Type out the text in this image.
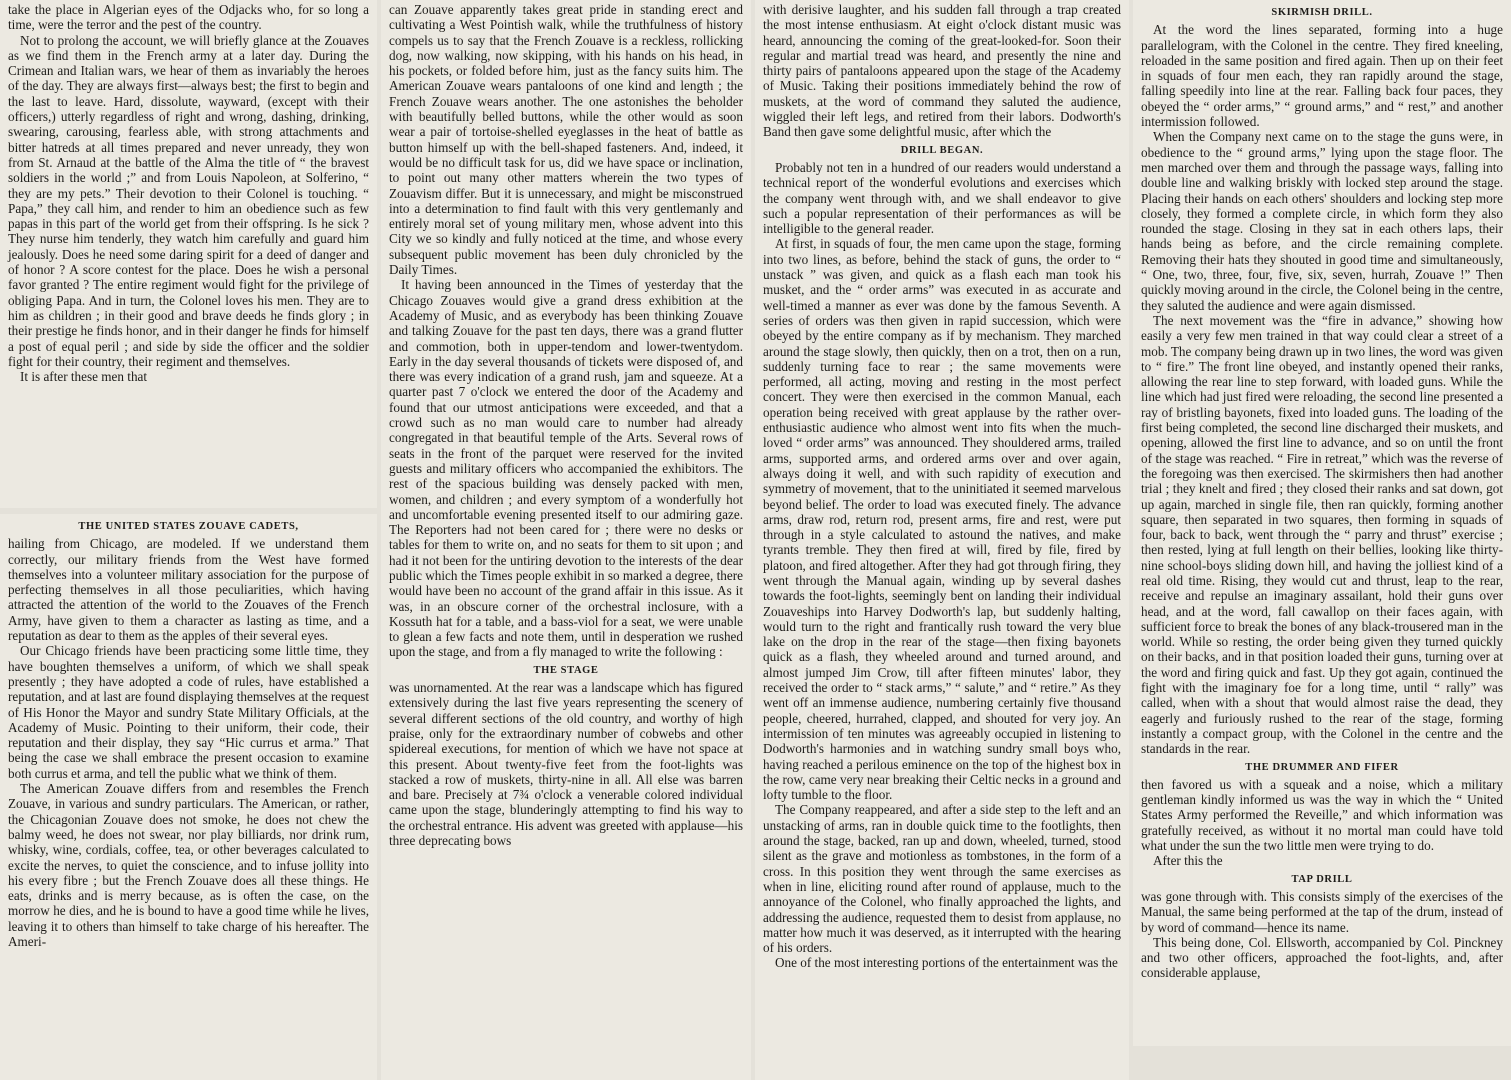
take the place in Algerian eyes of the Odjacks who, for so long a time, were the terror and the pest of the country.

Not to prolong the account, we will briefly glance at the Zouaves as we find them in the French army at a later day. During the Crimean and Italian wars, we hear of them as invariably the heroes of the day. They are always first—always best; the first to begin and the last to leave. Hard, dissolute, wayward, (except with their officers,) utterly regardless of right and wrong, dashing, drinking, swearing, carousing, fearless able, with strong attachments and bitter hatreds at all times prepared and never unready, they won from St. Arnaud at the battle of the Alma the title of “ the bravest soldiers in the world ;” and from Louis Napoleon, at Solferino, “ they are my pets.” Their devotion to their Colonel is touching. “ Papa,” they call him, and render to him an obedience such as few papas in this part of the world get from their offspring. Is he sick ? They nurse him tenderly, they watch him carefully and guard him jealously. Does he need some daring spirit for a deed of danger and of honor ? A score contest for the place. Does he wish a personal favor granted ? The entire regiment would fight for the privilege of obliging Papa. And in turn, the Colonel loves his men. They are to him as children ; in their good and brave deeds he finds glory ; in their prestige he finds honor, and in their danger he finds for himself a post of equal peril ; and side by side the officer and the soldier fight for their country, their regiment and themselves.

It is after these men that

THE UNITED STATES ZOUAVE CADETS,

hailing from Chicago, are modeled. If we understand them correctly, our military friends from the West have formed themselves into a volunteer military association for the purpose of perfecting themselves in all those peculiarities, which having attracted the attention of the world to the Zouaves of the French Army, have given to them a character as lasting as time, and a reputation as dear to them as the apples of their several eyes.

Our Chicago friends have been practicing some little time, they have boughten themselves a uniform, of which we shall speak presently ; they have adopted a code of rules, have established a reputation, and at last are found displaying themselves at the request of His Honor the Mayor and sundry State Military Officials, at the Academy of Music. Pointing to their uniform, their code, their reputation and their display, they say “Hic currus et arma.” That being the case we shall embrace the present occasion to examine both currus et arma, and tell the public what we think of them.

The American Zouave differs from and resembles the French Zouave, in various and sundry particulars. The American, or rather, the Chicagonian Zouave does not smoke, he does not chew the balmy weed, he does not swear, nor play billiards, nor drink rum, whisky, wine, cordials, coffee, tea, or other beverages calculated to excite the nerves, to quiet the conscience, and to infuse jollity into his every fibre ; but the French Zouave does all these things. He eats, drinks and is merry because, as is often the case, on the morrow he dies, and he is bound to have a good time while he lives, leaving it to others than himself to take charge of his hereafter. The Ameri-

can Zouave apparently takes great pride in standing erect and cultivating a West Pointish walk, while the truthfulness of history compels us to say that the French Zouave is a reckless, rollicking dog, now walking, now skipping, with his hands on his head, in his pockets, or folded before him, just as the fancy suits him. The American Zouave wears pantaloons of one kind and length ; the French Zouave wears another. The one astonishes the beholder with beautifully belled buttons, while the other would as soon wear a pair of tortoise-shelled eyeglasses in the heat of battle as button himself up with the bell-shaped fasteners. And, indeed, it would be no difficult task for us, did we have space or inclination, to point out many other matters wherein the two types of Zouavism differ. But it is unnecessary, and might be misconstrued into a determination to find fault with this very gentlemanly and entirely moral set of young military men, whose advent into this City we so kindly and fully noticed at the time, and whose every subsequent public movement has been duly chronicled by the Daily Times.

It having been announced in the Times of yesterday that the Chicago Zouaves would give a grand dress exhibition at the Academy of Music, and as everybody has been thinking Zouave and talking Zouave for the past ten days, there was a grand flutter and commotion, both in upper-tendom and lower-twentydom. Early in the day several thousands of tickets were disposed of, and there was every indication of a grand rush, jam and squeeze. At a quarter past 7 o'clock we entered the door of the Academy and found that our utmost anticipations were exceeded, and that a crowd such as no man would care to number had already congregated in that beautiful temple of the Arts. Several rows of seats in the front of the parquet were reserved for the invited guests and military officers who accompanied the exhibitors. The rest of the spacious building was densely packed with men, women, and children ; and every symptom of a wonderfully hot and uncomfortable evening presented itself to our admiring gaze. The Reporters had not been cared for ; there were no desks or tables for them to write on, and no seats for them to sit upon ; and had it not been for the untiring devotion to the interests of the dear public which the Times people exhibit in so marked a degree, there would have been no account of the grand affair in this issue. As it was, in an obscure corner of the orchestral inclosure, with a Kossuth hat for a table, and a bass-viol for a seat, we were unable to glean a few facts and note them, until in desperation we rushed upon the stage, and from a fly managed to write the following :

THE STAGE

was unornamented. At the rear was a landscape which has figured extensively during the last five years representing the scenery of several different sections of the old country, and worthy of high praise, only for the extraordinary number of cobwebs and other spidereal executions, for mention of which we have not space at this present. About twenty-five feet from the foot-lights was stacked a row of muskets, thirty-nine in all. All else was barren and bare. Precisely at 7¾ o'clock a venerable colored individual came upon the stage, blunderingly attempting to find his way to the orchestral entrance. His advent was greeted with applause—his three deprecating bows

with derisive laughter, and his sudden fall through a trap created the most intense enthusiasm. At eight o'clock distant music was heard, announcing the coming of the great-looked-for. Soon their regular and martial tread was heard, and presently the nine and thirty pairs of pantaloons appeared upon the stage of the Academy of Music. Taking their positions immediately behind the row of muskets, at the word of command they saluted the audience, wiggled their left legs, and retired from their labors. Dodworth's Band then gave some delightful music, after which the

DRILL BEGAN.

Probably not ten in a hundred of our readers would understand a technical report of the wonderful evolutions and exercises which the company went through with, and we shall endeavor to give such a popular representation of their performances as will be intelligible to the general reader.

At first, in squads of four, the men came upon the stage, forming into two lines, as before, behind the stack of guns, the order to “ unstack ” was given, and quick as a flash each man took his musket, and the “ order arms” was executed in as accurate and well-timed a manner as ever was done by the famous Seventh. A series of orders was then given in rapid succession, which were obeyed by the entire company as if by mechanism. They marched around the stage slowly, then quickly, then on a trot, then on a run, suddenly turning face to rear ; the same movements were performed, all acting, moving and resting in the most perfect concert. They were then exercised in the common Manual, each operation being received with great applause by the rather over-enthusiastic audience who almost went into fits when the much-loved “ order arms” was announced. They shouldered arms, trailed arms, supported arms, and ordered arms over and over again, always doing it well, and with such rapidity of execution and symmetry of movement, that to the uninitiated it seemed marvelous beyond belief. The order to load was executed finely. The advance arms, draw rod, return rod, present arms, fire and rest, were put through in a style calculated to astound the natives, and make tyrants tremble. They then fired at will, fired by file, fired by platoon, and fired altogether. After they had got through firing, they went through the Manual again, winding up by several dashes towards the foot-lights, seemingly bent on landing their individual Zouaveships into Harvey Dodworth's lap, but suddenly halting, would turn to the right and frantically rush toward the very blue lake on the drop in the rear of the stage—then fixing bayonets quick as a flash, they wheeled around and turned around, and almost jumped Jim Crow, till after fifteen minutes' labor, they received the order to “ stack arms,” “ salute,” and “ retire.” As they went off an immense audience, numbering certainly five thousand people, cheered, hurrahed, clapped, and shouted for very joy. An intermission of ten minutes was agreeably occupied in listening to Dodworth's harmonies and in watching sundry small boys who, having reached a perilous eminence on the top of the highest box in the row, came very near breaking their Celtic necks in a ground and lofty tumble to the floor.

The Company reappeared, and after a side step to the left and an unstacking of arms, ran in double quick time to the footlights, then around the stage, backed, ran up and down, wheeled, turned, stood silent as the grave and motionless as tombstones, in the form of a cross. In this position they went through the same exercises as when in line, eliciting round after round of applause, much to the annoyance of the Colonel, who finally approached the lights, and addressing the audience, requested them to desist from applause, no matter how much it was deserved, as it interrupted with the hearing of his orders.

One of the most interesting portions of the entertainment was the

SKIRMISH DRILL.

At the word the lines separated, forming into a huge parallelogram, with the Colonel in the centre. They fired kneeling, reloaded in the same position and fired again. Then up on their feet in squads of four men each, they ran rapidly around the stage, falling speedily into line at the rear. Falling back four paces, they obeyed the “ order arms,” “ ground arms,” and “ rest,” and another intermission followed.

When the Company next came on to the stage the guns were, in obedience to the “ ground arms,” lying upon the stage floor. The men marched over them and through the passage ways, falling into double line and walking briskly with locked step around the stage. Placing their hands on each others' shoulders and locking step more closely, they formed a complete circle, in which form they also rounded the stage. Closing in they sat in each others laps, their hands being as before, and the circle remaining complete. Removing their hats they shouted in good time and simultaneously, “ One, two, three, four, five, six, seven, hurrah, Zouave !” Then quickly moving around in the circle, the Colonel being in the centre, they saluted the audience and were again dismissed.

The next movement was the “fire in advance,” showing how easily a very few men trained in that way could clear a street of a mob. The company being drawn up in two lines, the word was given to “ fire.” The front line obeyed, and instantly opened their ranks, allowing the rear line to step forward, with loaded guns. While the line which had just fired were reloading, the second line presented a ray of bristling bayonets, fixed into loaded guns. The loading of the first being completed, the second line discharged their muskets, and opening, allowed the first line to advance, and so on until the front of the stage was reached. “ Fire in retreat,” which was the reverse of the foregoing was then exercised. The skirmishers then had another trial ; they knelt and fired ; they closed their ranks and sat down, got up again, marched in single file, then ran quickly, forming another square, then separated in two squares, then forming in squads of four, back to back, went through the “ parry and thrust” exercise ; then rested, lying at full length on their bellies, looking like thirty-nine school-boys sliding down hill, and having the jolliest kind of a real old time. Rising, they would cut and thrust, leap to the rear, receive and repulse an imaginary assailant, hold their guns over head, and at the word, fall cawallop on their faces again, with sufficient force to break the bones of any black-trousered man in the world. While so resting, the order being given they turned quickly on their backs, and in that position loaded their guns, turning over at the word and firing quick and fast. Up they got again, continued the fight with the imaginary foe for a long time, until “ rally” was called, when with a shout that would almost raise the dead, they eagerly and furiously rushed to the rear of the stage, forming instantly a compact group, with the Colonel in the centre and the standards in the rear.

THE DRUMMER AND FIFER

then favored us with a squeak and a noise, which a military gentleman kindly informed us was the way in which the “ United States Army performed the Reveille,” and which information was gratefully received, as without it no mortal man could have told what under the sun the two little men were trying to do.

After this the

TAP DRILL

was gone through with. This consists simply of the exercises of the Manual, the same being performed at the tap of the drum, instead of by word of command—hence its name.

This being done, Col. Ellsworth, accompanied by Col. Pinckney and two other officers, approached the foot-lights, and, after considerable applause,
